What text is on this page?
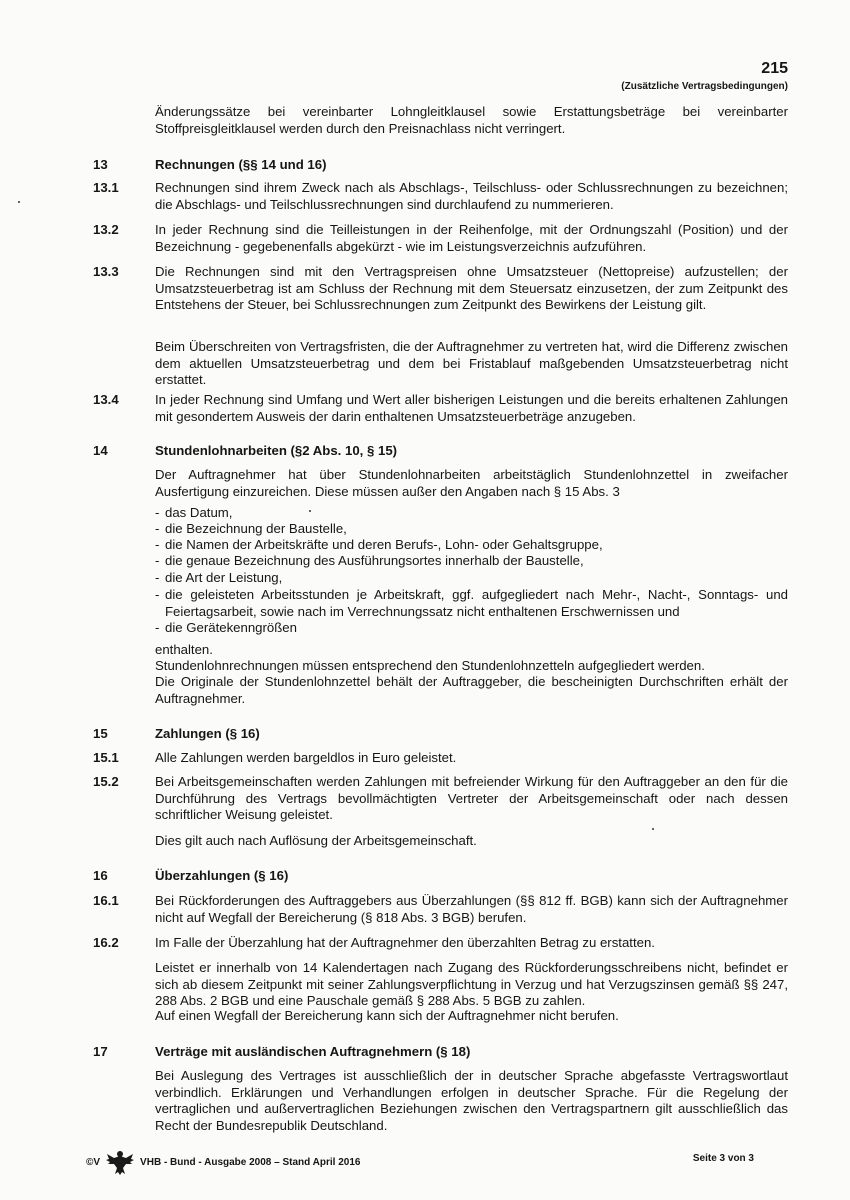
215
(Zusätzliche Vertragsbedingungen)
Änderungssätze bei vereinbarter Lohngleitklausel sowie Erstattungsbeträge bei vereinbarter Stoffpreisgleitklausel werden durch den Preisnachlass nicht verringert.
13	Rechnungen (§§ 14 und 16)
13.1	Rechnungen sind ihrem Zweck nach als Abschlags-, Teilschluss- oder Schlussrechnungen zu bezeichnen; die Abschlags- und Teilschlussrechnungen sind durchlaufend zu nummerieren.
13.2	In jeder Rechnung sind die Teilleistungen in der Reihenfolge, mit der Ordnungszahl (Position) und der Bezeichnung - gegebenenfalls abgekürzt - wie im Leistungsverzeichnis aufzuführen.
13.3	Die Rechnungen sind mit den Vertragspreisen ohne Umsatzsteuer (Nettopreise) aufzustellen; der Umsatzsteuerbetrag ist am Schluss der Rechnung mit dem Steuersatz einzusetzen, der zum Zeitpunkt des Entstehens der Steuer, bei Schlussrechnungen zum Zeitpunkt des Bewirkens der Leistung gilt.
Beim Überschreiten von Vertragsfristen, die der Auftragnehmer zu vertreten hat, wird die Differenz zwischen dem aktuellen Umsatzsteuerbetrag und dem bei Fristablauf maßgebenden Umsatzsteuerbetrag nicht erstattet.
13.4	In jeder Rechnung sind Umfang und Wert aller bisherigen Leistungen und die bereits erhaltenen Zahlungen mit gesondertem Ausweis der darin enthaltenen Umsatzsteuerbeträge anzugeben.
14	Stundenlohnarbeiten (§2 Abs. 10, § 15)
Der Auftragnehmer hat über Stundenlohnarbeiten arbeitstäglich Stundenlohnzettel in zweifacher Ausfertigung einzureichen. Diese müssen außer den Angaben nach § 15 Abs. 3
- das Datum,
- die Bezeichnung der Baustelle,
- die Namen der Arbeitskräfte und deren Berufs-, Lohn- oder Gehaltsgruppe,
- die genaue Bezeichnung des Ausführungsortes innerhalb der Baustelle,
- die Art der Leistung,
- die geleisteten Arbeitsstunden je Arbeitskraft, ggf. aufgegliedert nach Mehr-, Nacht-, Sonntags- und Feiertagsarbeit, sowie nach im Verrechnungssatz nicht enthaltenen Erschwernissen und
- die Gerätekenngrößen
enthalten.
Stundenlohnrechnungen müssen entsprechend den Stundenlohnzetteln aufgegliedert werden.
Die Originale der Stundenlohnzettel behält der Auftraggeber, die bescheinigten Durchschriften erhält der Auftragnehmer.
15	Zahlungen (§ 16)
15.1	Alle Zahlungen werden bargeldlos in Euro geleistet.
15.2	Bei Arbeitsgemeinschaften werden Zahlungen mit befreiender Wirkung für den Auftraggeber an den für die Durchführung des Vertrags bevollmächtigten Vertreter der Arbeitsgemeinschaft oder nach dessen schriftlicher Weisung geleistet.
Dies gilt auch nach Auflösung der Arbeitsgemeinschaft.
16	Überzahlungen (§ 16)
16.1	Bei Rückforderungen des Auftraggebers aus Überzahlungen (§§ 812 ff. BGB) kann sich der Auftragnehmer nicht auf Wegfall der Bereicherung (§ 818 Abs. 3 BGB) berufen.
16.2	Im Falle der Überzahlung hat der Auftragnehmer den überzahlten Betrag zu erstatten.
Leistet er innerhalb von 14 Kalendertagen nach Zugang des Rückforderungsschreibens nicht, befindet er sich ab diesem Zeitpunkt mit seiner Zahlungsverpflichtung in Verzug und hat Verzugszinsen gemäß §§ 247, 288 Abs. 2 BGB und eine Pauschale gemäß § 288 Abs. 5 BGB zu zahlen.
Auf einen Wegfall der Bereicherung kann sich der Auftragnehmer nicht berufen.
17	Verträge mit ausländischen Auftragnehmern (§ 18)
Bei Auslegung des Vertrages ist ausschließlich der in deutscher Sprache abgefasste Vertragswortlaut verbindlich. Erklärungen und Verhandlungen erfolgen in deutscher Sprache. Für die Regelung der vertraglichen und außervertraglichen Beziehungen zwischen den Vertragspartnern gilt ausschließlich das Recht der Bundesrepublik Deutschland.
©V	VHB - Bund - Ausgabe 2008 – Stand April 2016	Seite 3 von 3
